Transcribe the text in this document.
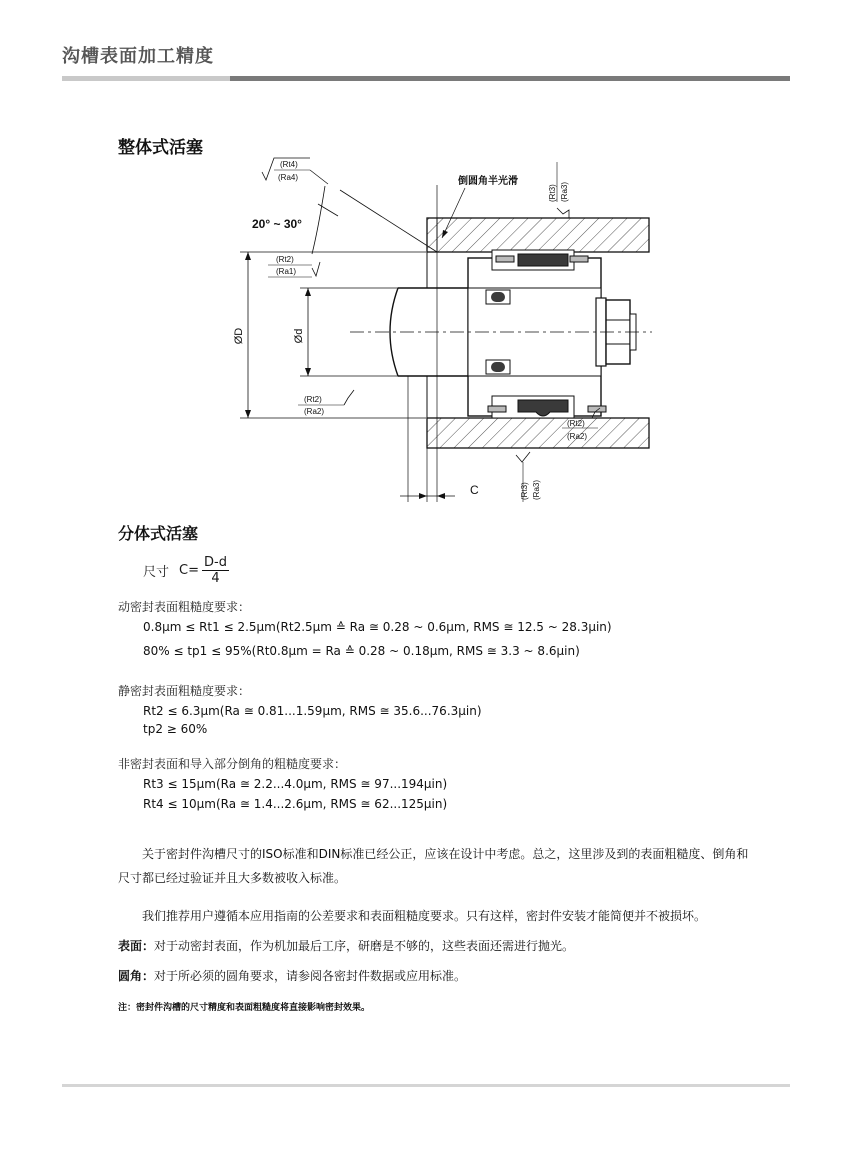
沟槽表面加工精度
整体式活塞
ØD	Ød
C
20° ~ 30°
(Rt4)
(Ra4)	倒圆角半光滑
(Rt3) (Ra3)
(Rt2)
(Ra1)
(Rt2)
(Ra2)
(Rt2)
(Ra2)
(Rt3) (Ra3)
分体式活塞
尺寸 $C= \frac{D-d}{4}$
动密封表面粗糙度要求：
0.8μm ≤ Rt1 ≤ 2.5μm(Rt2.5μm ≙ Ra ≅ 0.28 ~ 0.6μm, RMS ≅ 12.5 ~ 28.3μin)
80% ≤ tp1 ≤ 95%(Rt0.8μm = Ra ≙ 0.28 ~ 0.18μm, RMS ≅ 3.3 ~ 8.6μin)
静密封表面粗糙度要求：
Rt2 ≤ 6.3μm(Ra ≅ 0.81...1.59μm, RMS ≅ 35.6...76.3μin)
tp2 ≥ 60%
非密封表面和导入部分倒角的粗糙度要求：
Rt3 ≤ 15μm(Ra ≅ 2.2...4.0μm, RMS ≅ 97...194μin)
Rt4 ≤ 10μm(Ra ≅ 1.4...2.6μm, RMS ≅ 62...125μin)
关于密封件沟槽尺寸的ISO标准和DIN标准已经公正，应该在设计中考虑。总之，这里涉及到的表面粗糙度、倒角和尺寸都已经过验证并且大多数被收入标准。
我们推荐用户遵循本应用指南的公差要求和表面粗糙度要求。只有这样，密封件安装才能简便并不被损坏。
表面：对于动密封表面，作为机加最后工序，研磨是不够的，这些表面还需进行抛光。
圆角：对于所必须的圆角要求，请参阅各密封件数据或应用标准。
注：密封件沟槽的尺寸精度和表面粗糙度将直接影响密封效果。
